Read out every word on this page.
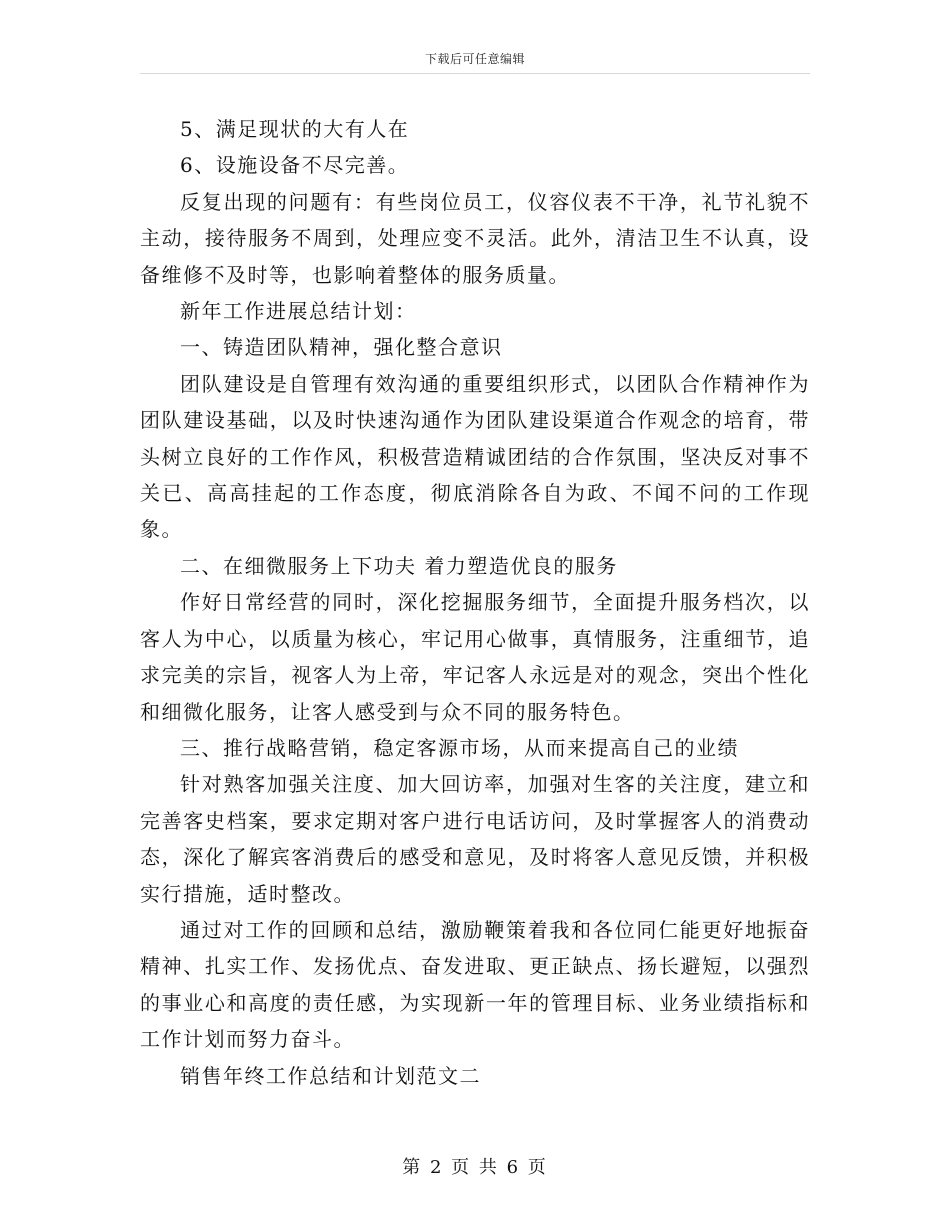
下载后可任意编辑

5、满足现状的大有人在

6、设施设备不尽完善。

反复出现的问题有：有些岗位员工，仪容仪表不干净，礼节礼貌不主动，接待服务不周到，处理应变不灵活。此外，清洁卫生不认真，设备维修不及时等，也影响着整体的服务质量。

新年工作进展总结计划：

一、铸造团队精神，强化整合意识

团队建设是自管理有效沟通的重要组织形式，以团队合作精神作为团队建设基础，以及时快速沟通作为团队建设渠道合作观念的培育，带头树立良好的工作作风，积极营造精诚团结的合作氛围，坚决反对事不关已、高高挂起的工作态度，彻底消除各自为政、不闻不问的工作现象。

二、在细微服务上下功夫 着力塑造优良的服务

作好日常经营的同时，深化挖掘服务细节，全面提升服务档次，以客人为中心，以质量为核心，牢记用心做事，真情服务，注重细节，追求完美的宗旨，视客人为上帝，牢记客人永远是对的观念，突出个性化和细微化服务，让客人感受到与众不同的服务特色。

三、推行战略营销，稳定客源市场，从而来提高自己的业绩

针对熟客加强关注度、加大回访率，加强对生客的关注度，建立和完善客史档案，要求定期对客户进行电话访问，及时掌握客人的消费动态，深化了解宾客消费后的感受和意见，及时将客人意见反馈，并积极实行措施，适时整改。

通过对工作的回顾和总结，激励鞭策着我和各位同仁能更好地振奋精神、扎实工作、发扬优点、奋发进取、更正缺点、扬长避短，以强烈的事业心和高度的责任感，为实现新一年的管理目标、业务业绩指标和工作计划而努力奋斗。

销售年终工作总结和计划范文二

第 2 页 共 6 页
